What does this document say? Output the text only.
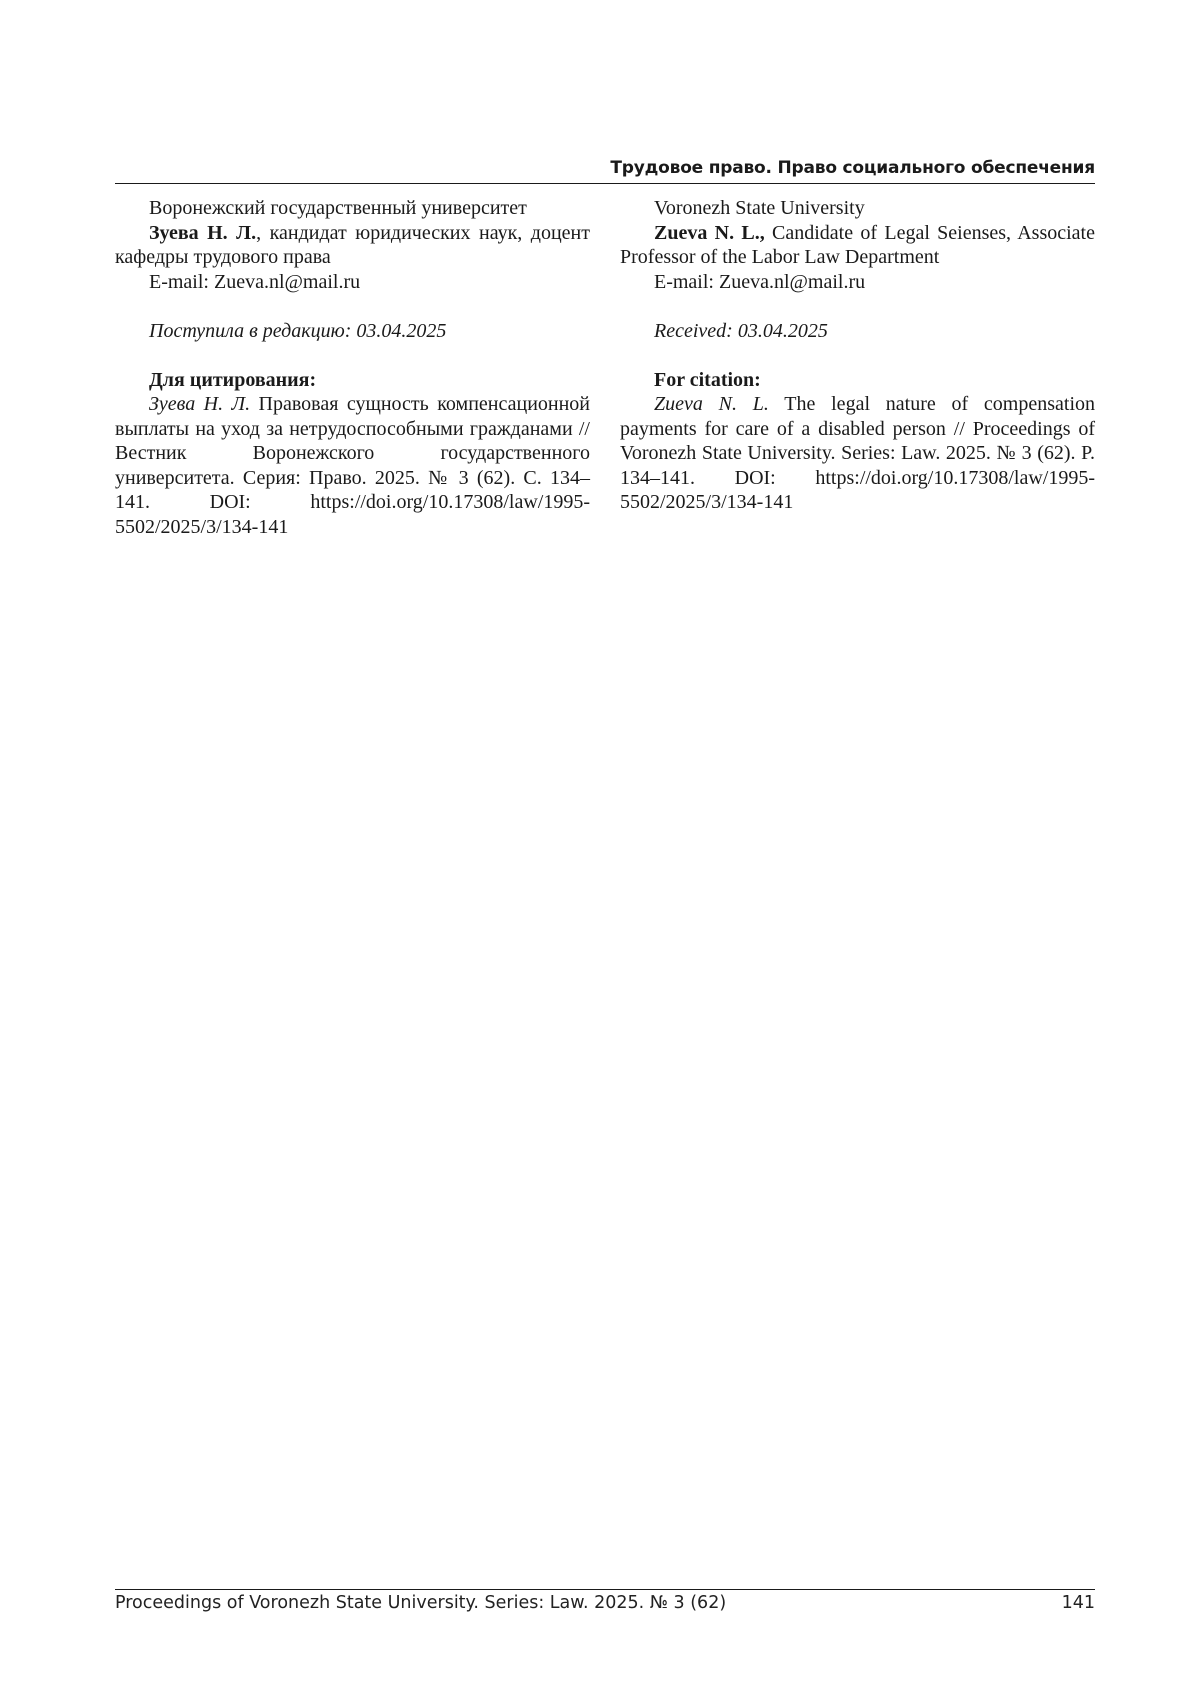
Трудовое право. Право социального обеспечения
Воронежский государственный университет
Зуева Н. Л., кандидат юридических наук, доцент кафедры трудового права
E-mail: Zueva.nl@mail.ru
Поступила в редакцию: 03.04.2025
Для цитирования:
Зуева Н. Л. Правовая сущность компенсационной выплаты на уход за нетрудоспособными гражданами // Вестник Воронежского государственного университета. Серия: Право. 2025. № 3 (62). С. 134–141. DOI: https://doi.org/10.17308/law/1995-5502/2025/3/134-141
Voronezh State University
Zueva N. L., Candidate of Legal Seienses, Associate Professor of the Labor Law Department
E-mail: Zueva.nl@mail.ru
Received: 03.04.2025
For citation:
Zueva N. L. The legal nature of compensation payments for care of a disabled person // Proceedings of Voronezh State University. Series: Law. 2025. № 3 (62). P. 134–141. DOI: https://doi.org/10.17308/law/1995-5502/2025/3/134-141
Proceedings of Voronezh State University. Series: Law. 2025. № 3 (62)	141
